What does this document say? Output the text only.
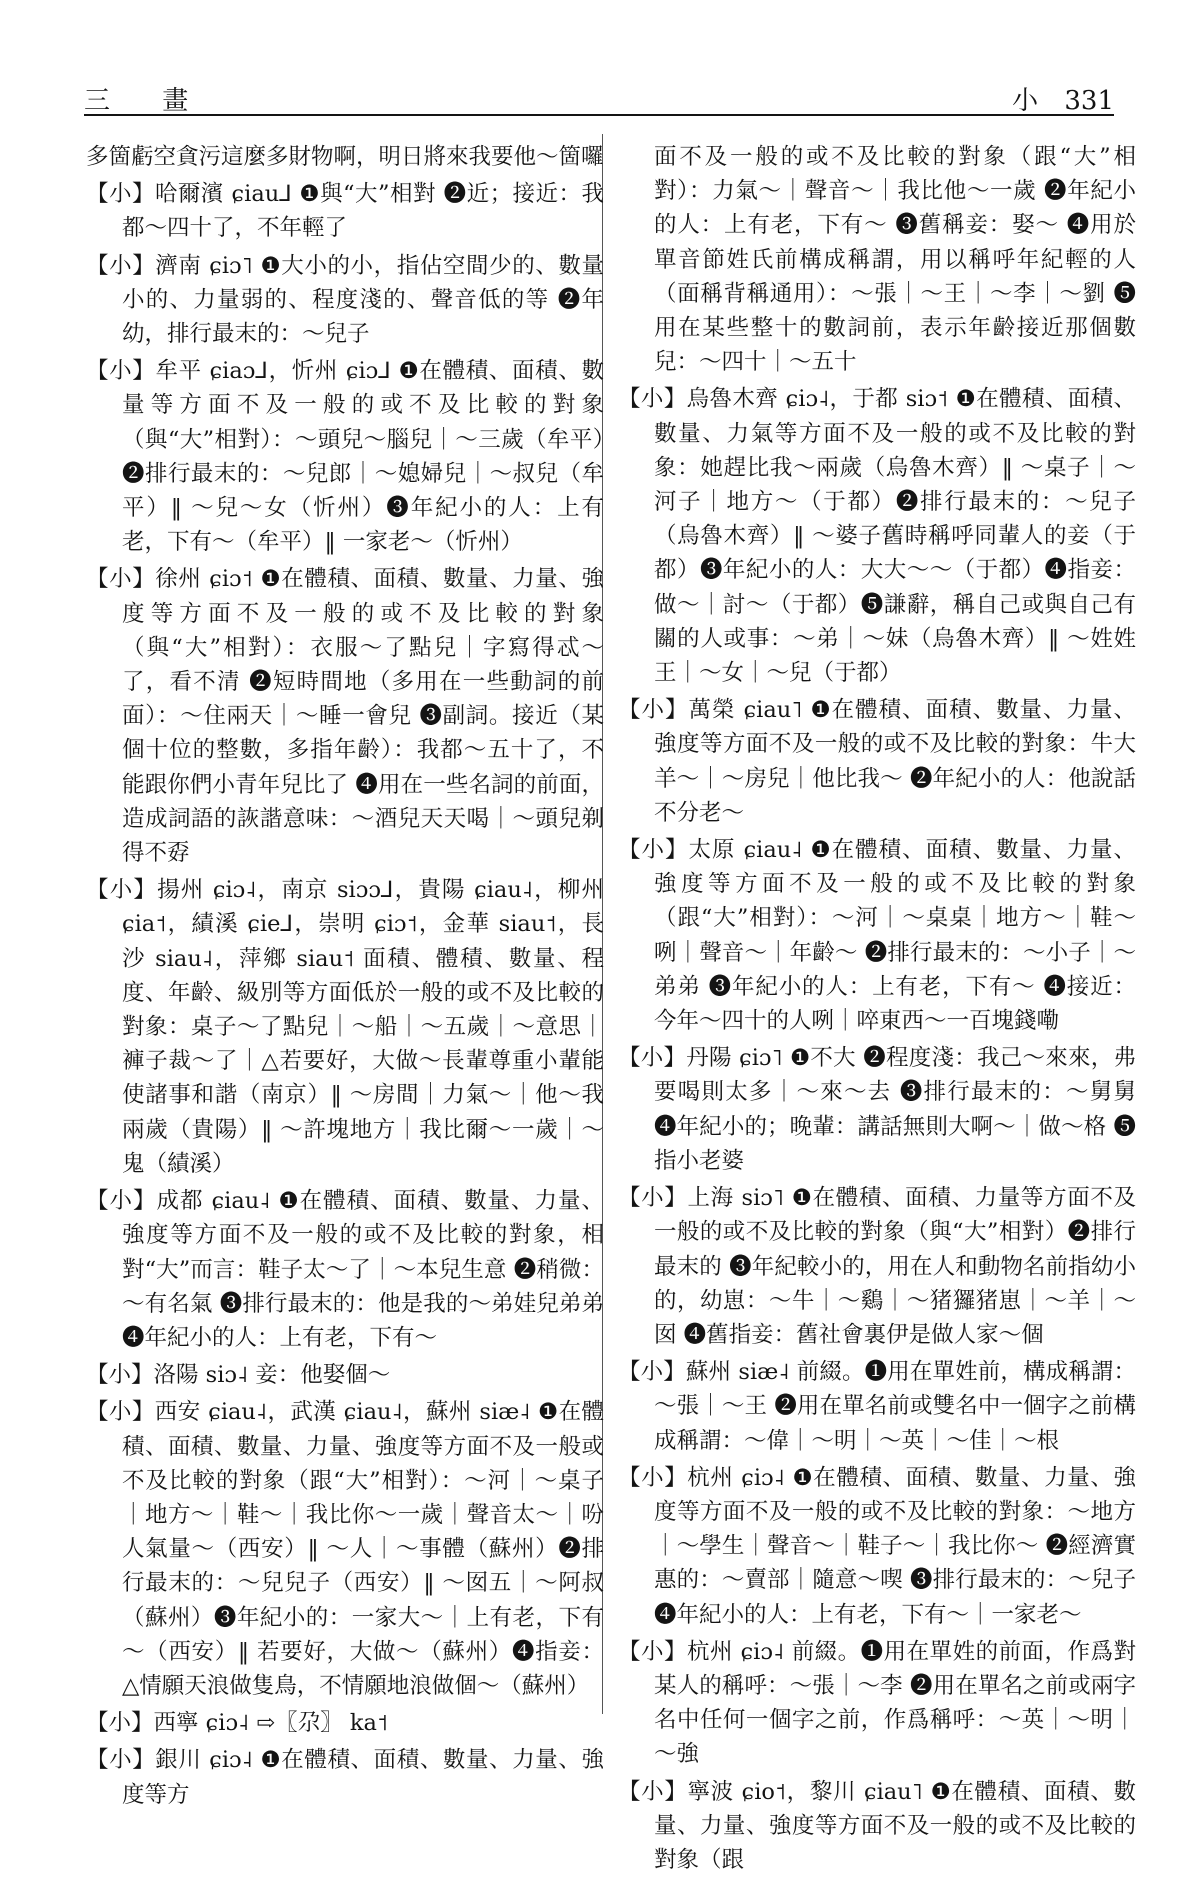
三 畫	小 331

多箇虧空貪污這麼多財物啊，明日將來我要他～箇囉

【小】哈爾濱 ɕiau⅃ ❶與“大”相對 ❷近；接近：我都～四十了，不年輕了

【小】濟南 ɕiɔ˥ ❶大小的小，指佔空間少的、數量小的、力量弱的、程度淺的、聲音低的等 ❷年幼，排行最末的：～兒子

【小】牟平 ɕiaɔ⅃，忻州 ɕiɔ⅃ ❶在體積、面積、數量等方面不及一般的或不及比較的對象（與“大”相對）：～頭兒～腦兒｜～三歲（牟平）❷排行最末的：～兒郎｜～媳婦兒｜～叔兒（牟平）‖ ～兒～女（忻州）❸年紀小的人：上有老，下有～（牟平）‖ 一家老～（忻州）

【小】徐州 ɕiɔ˦ ❶在體積、面積、數量、力量、強度等方面不及一般的或不及比較的對象（與“大”相對）：衣服～了點兒｜字寫得忒～了，看不清 ❷短時間地（多用在一些動詞的前面）：～住兩天｜～睡一會兒 ❸副詞。接近（某個十位的整數，多指年齡）：我都～五十了，不能跟你們小青年兒比了 ❹用在一些名詞的前面，造成詞語的詼諧意味：～酒兒天天喝｜～頭兒剃得不孬

【小】揚州 ɕiɔ˨，南京 siɔɔ⅃，貴陽 ɕiau˨，柳州 ɕia˦，績溪 ɕie⅃，崇明 ɕiɔ˦，金華 siau˦，長沙 siau˨，萍鄉 siau˦ 面積、體積、數量、程度、年齡、級別等方面低於一般的或不及比較的對象：桌子～了點兒｜～船｜～五歲｜～意思｜褲子裁～了｜△若要好，大做～長輩尊重小輩能使諸事和諧（南京）‖ ～房間｜力氣～｜他～我兩歲（貴陽）‖ ～許塊地方｜我比爾～一歲｜～鬼（績溪）

【小】成都 ɕiau˨ ❶在體積、面積、數量、力量、強度等方面不及一般的或不及比較的對象，相對“大”而言：鞋子太～了｜～本兒生意 ❷稍微：～有名氣 ❸排行最末的：他是我的～弟娃兒弟弟 ❹年紀小的人：上有老，下有～

【小】洛陽 siɔ˨ 妾：他娶個～

【小】西安 ɕiau˨，武漢 ɕiau˨，蘇州 siæ˨ ❶在體積、面積、數量、力量、強度等方面不及一般或不及比較的對象（跟“大”相對）：～河｜～桌子｜地方～｜鞋～｜我比你～一歲｜聲音太～｜吩人氣量～（西安）‖ ～人｜～事體（蘇州）❷排行最末的：～兒兒子（西安）‖ ～囡五｜～阿叔（蘇州）❸年紀小的：一家大～｜上有老，下有～（西安）‖ 若要好，大做～（蘇州）❹指妾：△情願天浪做隻鳥，不情願地浪做個～（蘇州）

【小】西寧 ɕiɔ˨ ⇨〖尕〗 ka˦

【小】銀川 ɕiɔ˨ ❶在體積、面積、數量、力量、強度等方

面不及一般的或不及比較的對象（跟“大”相對）：力氣～｜聲音～｜我比他～一歲 ❷年紀小的人：上有老，下有～ ❸舊稱妾：娶～ ❹用於單音節姓氏前構成稱謂，用以稱呼年紀輕的人（面稱背稱通用）：～張｜～王｜～李｜～劉 ❺用在某些整十的數詞前，表示年齡接近那個數兒：～四十｜～五十

【小】烏魯木齊 ɕiɔ˨，于都 siɔ˦ ❶在體積、面積、數量、力氣等方面不及一般的或不及比較的對象：她趕比我～兩歲（烏魯木齊）‖ ～桌子｜～河子｜地方～（于都）❷排行最末的：～兒子（烏魯木齊）‖ ～婆子舊時稱呼同輩人的妾（于都）❸年紀小的人：大大～～（于都）❹指妾：做～｜討～（于都）❺謙辭，稱自己或與自己有關的人或事：～弟｜～妹（烏魯木齊）‖ ～姓姓王｜～女｜～兒（于都）

【小】萬榮 ɕiau˥ ❶在體積、面積、數量、力量、強度等方面不及一般的或不及比較的對象：牛大羊～｜～房兒｜他比我～ ❷年紀小的人：他說話不分老～

【小】太原 ɕiau˨ ❶在體積、面積、數量、力量、強度等方面不及一般的或不及比較的對象（跟“大”相對）：～河｜～桌桌｜地方～｜鞋～咧｜聲音～｜年齡～ ❷排行最末的：～小子｜～弟弟 ❸年紀小的人：上有老，下有～ ❹接近：今年～四十的人咧｜啐東西～一百塊錢嘞

【小】丹陽 ɕiɔ˥ ❶不大 ❷程度淺：我己～來來，弗要喝則太多｜～來～去 ❸排行最末的：～舅舅 ❹年紀小的；晚輩：講話無則大啊～｜做～格 ❺指小老婆

【小】上海 siɔ˥ ❶在體積、面積、力量等方面不及一般的或不及比較的對象（與“大”相對）❷排行最末的 ❸年紀較小的，用在人和動物名前指幼小的，幼崽：～牛｜～鷄｜～猪玀猪崽｜～羊｜～囡 ❹舊指妾：舊社會裏伊是做人家～個

【小】蘇州 siæ˨ 前綴。❶用在單姓前，構成稱謂：～張｜～王 ❷用在單名前或雙名中一個字之前構成稱謂：～偉｜～明｜～英｜～佳｜～根

【小】杭州 ɕiɔ˨ ❶在體積、面積、數量、力量、強度等方面不及一般的或不及比較的對象：～地方｜～學生｜聲音～｜鞋子～｜我比你～ ❷經濟實惠的：～賣部｜隨意～喫 ❸排行最末的：～兒子 ❹年紀小的人：上有老，下有～｜一家老～

【小】杭州 ɕiɔ˨ 前綴。❶用在單姓的前面，作爲對某人的稱呼：～張｜～李 ❷用在單名之前或兩字名中任何一個字之前，作爲稱呼：～英｜～明｜～強

【小】寧波 ɕio˦，黎川 ɕiau˥ ❶在體積、面積、數量、力量、強度等方面不及一般的或不及比較的對象（跟
